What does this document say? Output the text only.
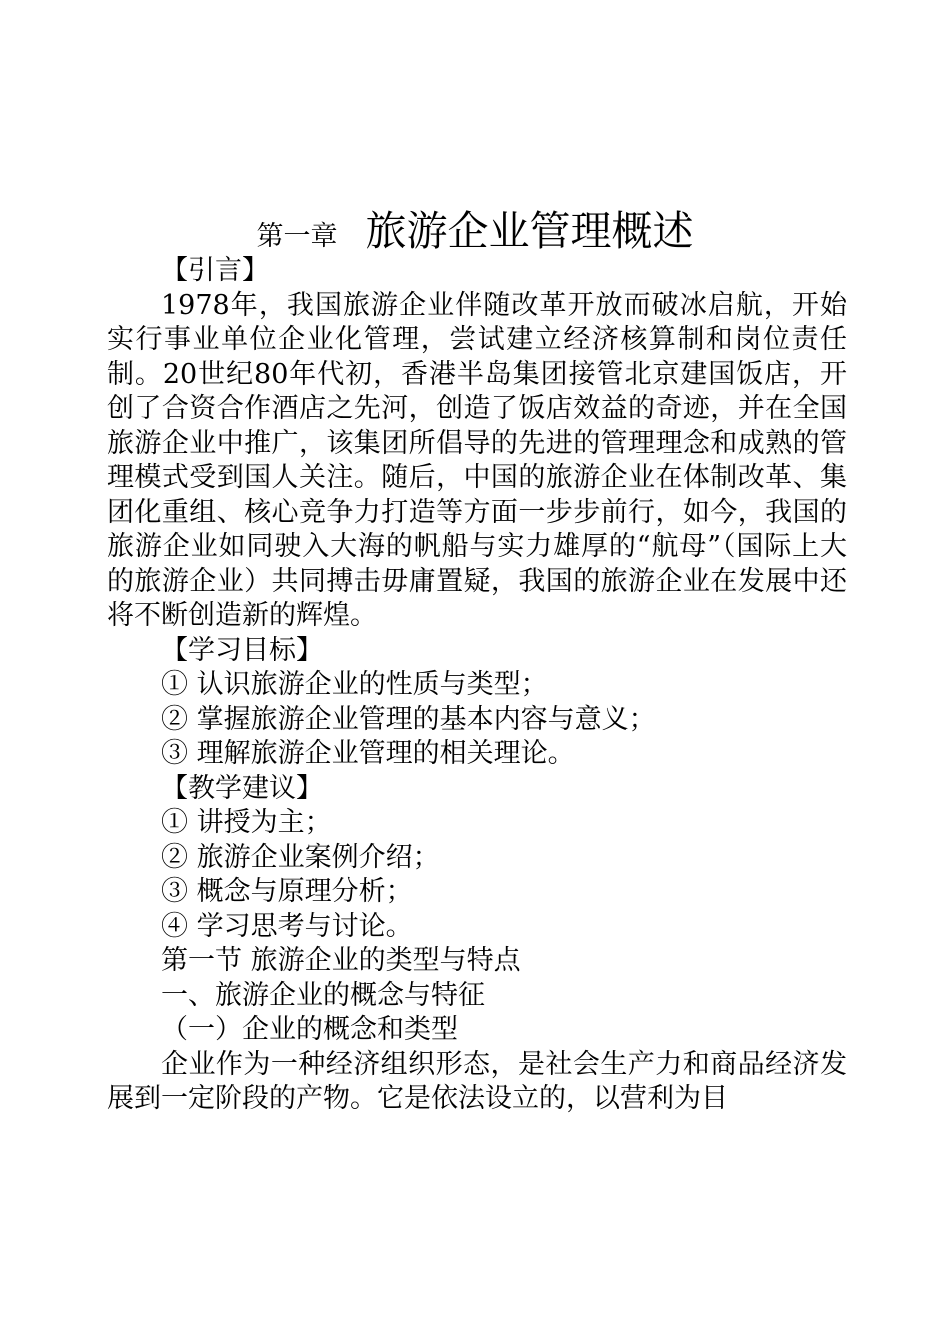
第一章 旅游企业管理概述
【引言】
1978年，我国旅游企业伴随改革开放而破冰启航，开始实行事业单位企业化管理，尝试建立经济核算制和岗位责任制。20世纪80年代初，香港半岛集团接管北京建国饭店，开创了合资合作酒店之先河，创造了饭店效益的奇迹，并在全国旅游企业中推广，该集团所倡导的先进的管理理念和成熟的管理模式受到国人关注。随后，中国的旅游企业在体制改革、集团化重组、核心竞争力打造等方面一步步前行，如今，我国的旅游企业如同驶入大海的帆船与实力雄厚的“航母”（国际上大的旅游企业）共同搏击毋庸置疑，我国的旅游企业在发展中还将不断创造新的辉煌。
【学习目标】
① 认识旅游企业的性质与类型；
② 掌握旅游企业管理的基本内容与意义；
③ 理解旅游企业管理的相关理论。
【教学建议】
① 讲授为主；
② 旅游企业案例介绍；
③ 概念与原理分析；
④ 学习思考与讨论。
第一节 旅游企业的类型与特点
一、旅游企业的概念与特征
（一）企业的概念和类型
企业作为一种经济组织形态，是社会生产力和商品经济发展到一定阶段的产物。它是依法设立的，以营利为目
